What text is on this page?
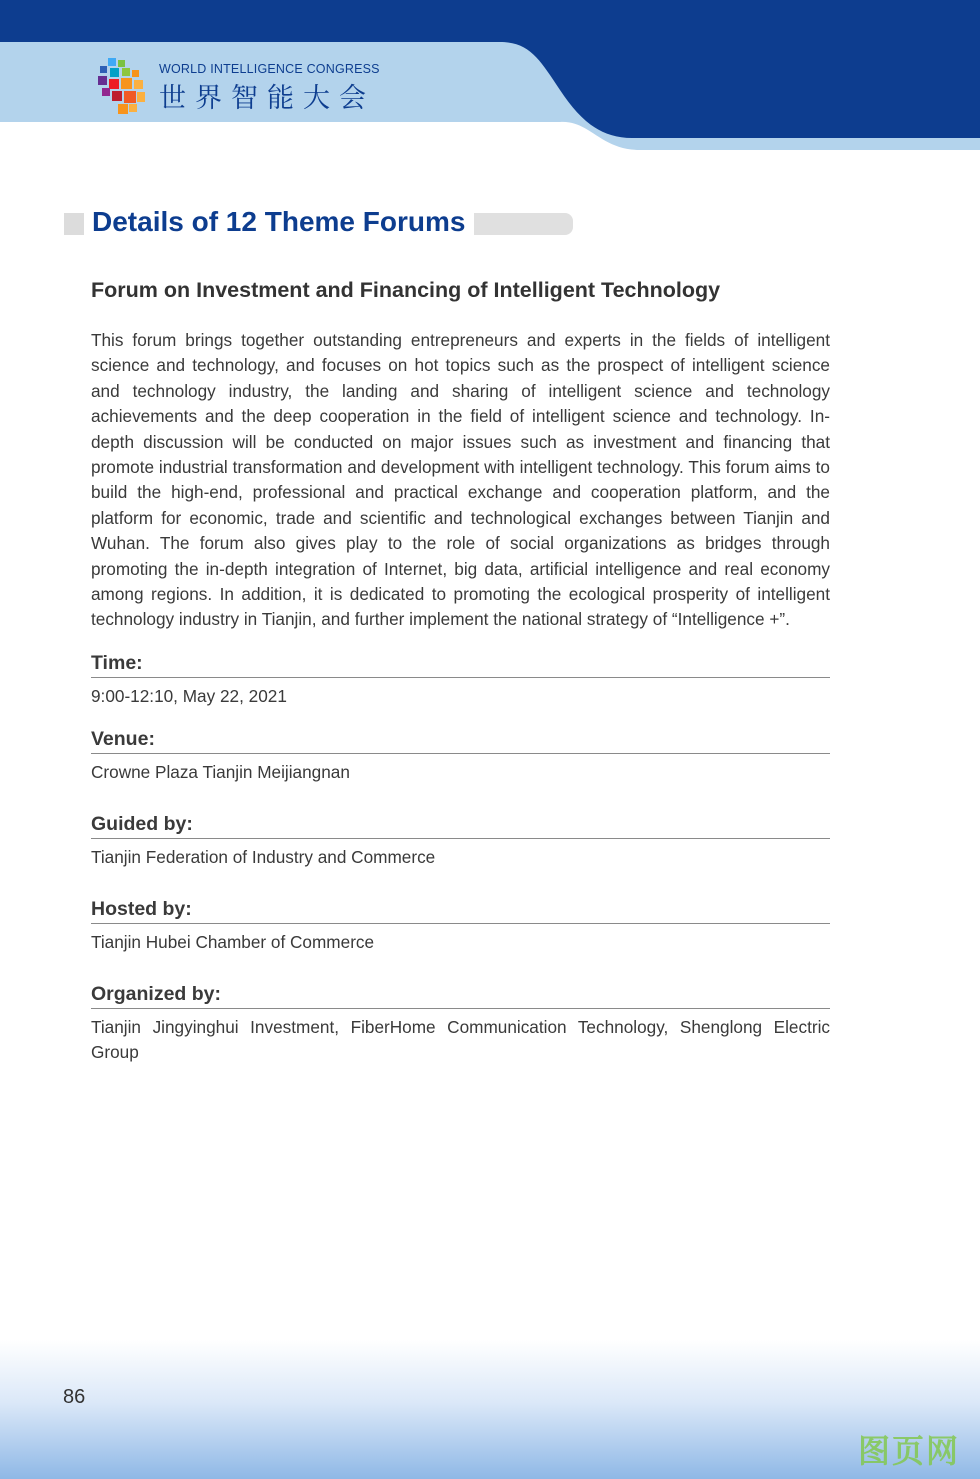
WORLD INTELLIGENCE CONGRESS
世界智能大会
Details of 12 Theme Forums
Forum on Investment and Financing of Intelligent Technology
This forum brings together outstanding entrepreneurs and experts in the fields of intelligent science and technology, and focuses on hot topics such as the prospect of intelligent science and technology industry, the landing and sharing of intelligent science and technology achievements and the deep cooperation in the field of intelligent science and technology. In-depth discussion will be conducted on major issues such as investment and financing that promote industrial transformation and development with intelligent technology. This forum aims to build the high-end, professional and practical exchange and cooperation platform, and the platform for economic, trade and scientific and technological exchanges between Tianjin and Wuhan. The forum also gives play to the role of social organizations as bridges through promoting the in-depth integration of Internet, big data, artificial intelligence and real economy among regions. In addition, it is dedicated to promoting the ecological prosperity of intelligent technology industry in Tianjin, and further implement the national strategy of “Intelligence +”.
Time:
9:00-12:10, May 22, 2021
Venue:
Crowne Plaza Tianjin Meijiangnan
Guided by:
Tianjin Federation of Industry and Commerce
Hosted by:
Tianjin Hubei Chamber of Commerce
Organized by:
Tianjin Jingyinghui Investment, FiberHome Communication Technology, Shenglong Electric Group
86
图页网
